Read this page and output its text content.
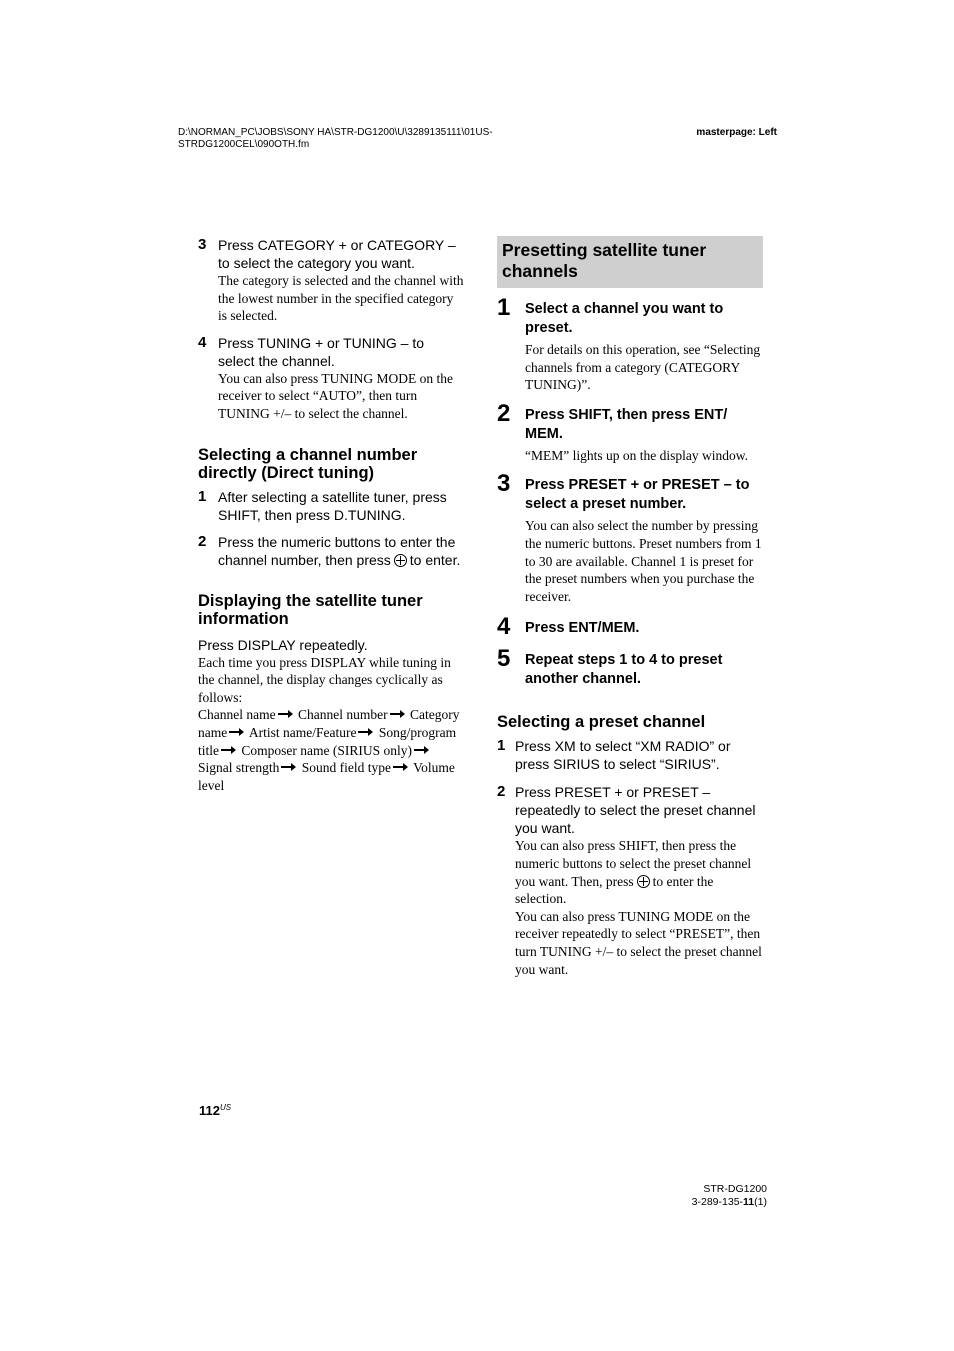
D:\NORMAN_PC\JOBS\SONY HA\STR-DG1200\U\3289135111\01US-
STRDG1200CEL\090OTH.fm
masterpage: Left
3 Press CATEGORY + or CATEGORY – to select the category you want.
The category is selected and the channel with the lowest number in the specified category is selected.
4 Press TUNING + or TUNING – to select the channel.
You can also press TUNING MODE on the receiver to select “AUTO”, then turn TUNING +/– to select the channel.
Selecting a channel number directly (Direct tuning)
1 After selecting a satellite tuner, press SHIFT, then press D.TUNING.
2 Press the numeric buttons to enter the channel number, then press to enter.
Displaying the satellite tuner information
Press DISPLAY repeatedly.
Each time you press DISPLAY while tuning in the channel, the display changes cyclically as follows:
Channel name Channel number Category name Artist name/Feature Song/program title Composer name (SIRIUS only) Signal strength Sound field type Volume level
Presetting satellite tuner channels
1 Select a channel you want to preset.
For details on this operation, see “Selecting channels from a category (CATEGORY TUNING)”.
2 Press SHIFT, then press ENT/ MEM.
“MEM” lights up on the display window.
3 Press PRESET + or PRESET – to select a preset number.
You can also select the number by pressing the numeric buttons. Preset numbers from 1 to 30 are available. Channel 1 is preset for the preset numbers when you purchase the receiver.
4 Press ENT/MEM.
5 Repeat steps 1 to 4 to preset another channel.
Selecting a preset channel
1 Press XM to select “XM RADIO” or press SIRIUS to select “SIRIUS”.
2 Press PRESET + or PRESET – repeatedly to select the preset channel you want.
You can also press SHIFT, then press the numeric buttons to select the preset channel you want. Then, press to enter the selection.
You can also press TUNING MODE on the receiver repeatedly to select “PRESET”, then turn TUNING +/– to select the preset channel you want.
$112^{US}$
STR-DG1200
3-289-135-11(1)
